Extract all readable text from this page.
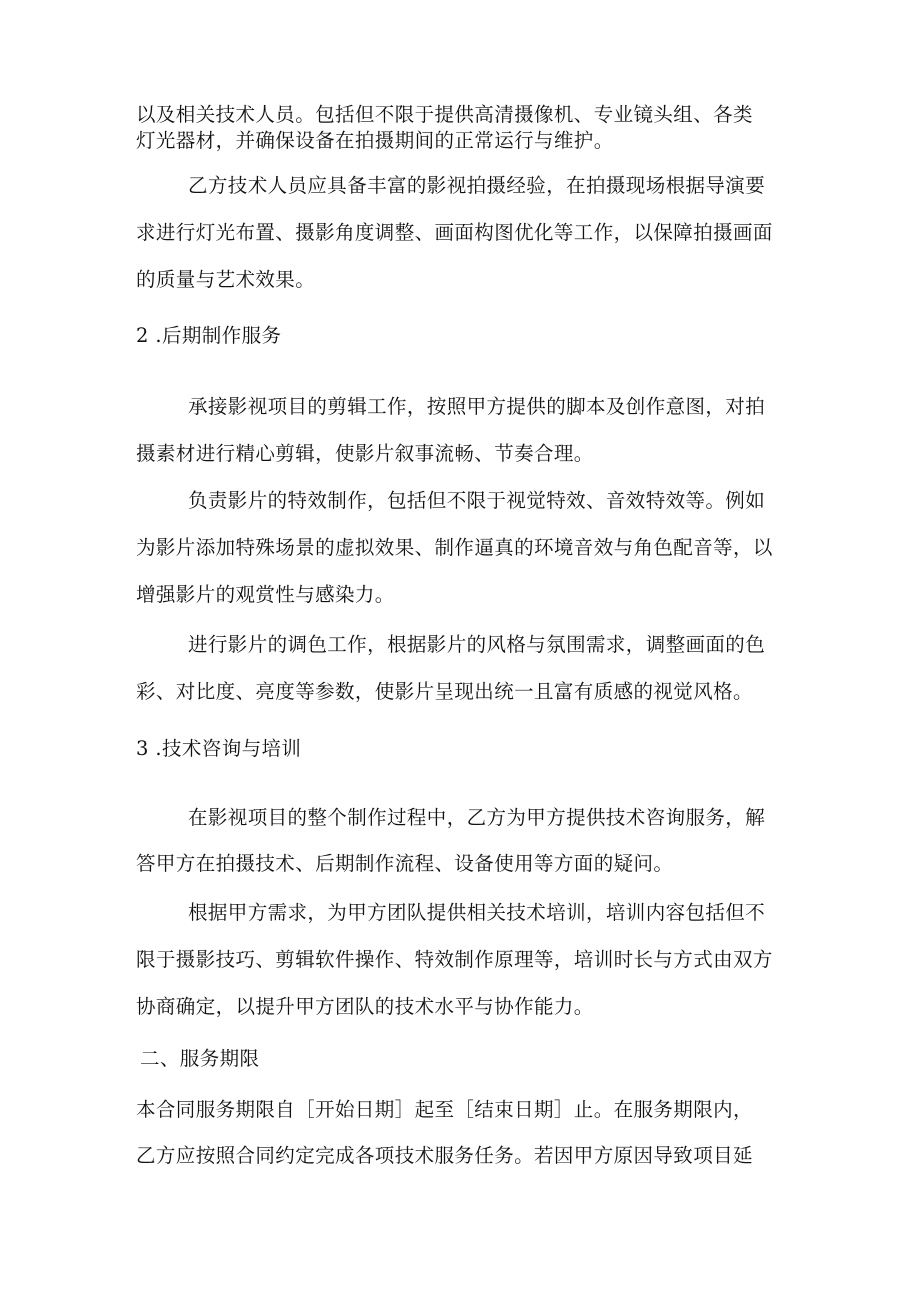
以及相关技术人员。包括但不限于提供高清摄像机、专业镜头组、各类
灯光器材，并确保设备在拍摄期间的正常运行与维护。
乙方技术人员应具备丰富的影视拍摄经验，在拍摄现场根据导演要
求进行灯光布置、摄影角度调整、画面构图优化等工作，以保障拍摄画面
的质量与艺术效果。
2 .后期制作服务
承接影视项目的剪辑工作，按照甲方提供的脚本及创作意图，对拍
摄素材进行精心剪辑，使影片叙事流畅、节奏合理。
负责影片的特效制作，包括但不限于视觉特效、音效特效等。例如
为影片添加特殊场景的虚拟效果、制作逼真的环境音效与角色配音等，以
增强影片的观赏性与感染力。
进行影片的调色工作，根据影片的风格与氛围需求，调整画面的色
彩、对比度、亮度等参数，使影片呈现出统一且富有质感的视觉风格。
3 .技术咨询与培训
在影视项目的整个制作过程中，乙方为甲方提供技术咨询服务，解
答甲方在拍摄技术、后期制作流程、设备使用等方面的疑问。
根据甲方需求，为甲方团队提供相关技术培训，培训内容包括但不
限于摄影技巧、剪辑软件操作、特效制作原理等，培训时长与方式由双方
协商确定，以提升甲方团队的技术水平与协作能力。
二、服务期限
本合同服务期限自［开始日期］起至［结束日期］止。在服务期限内，
乙方应按照合同约定完成各项技术服务任务。若因甲方原因导致项目延
